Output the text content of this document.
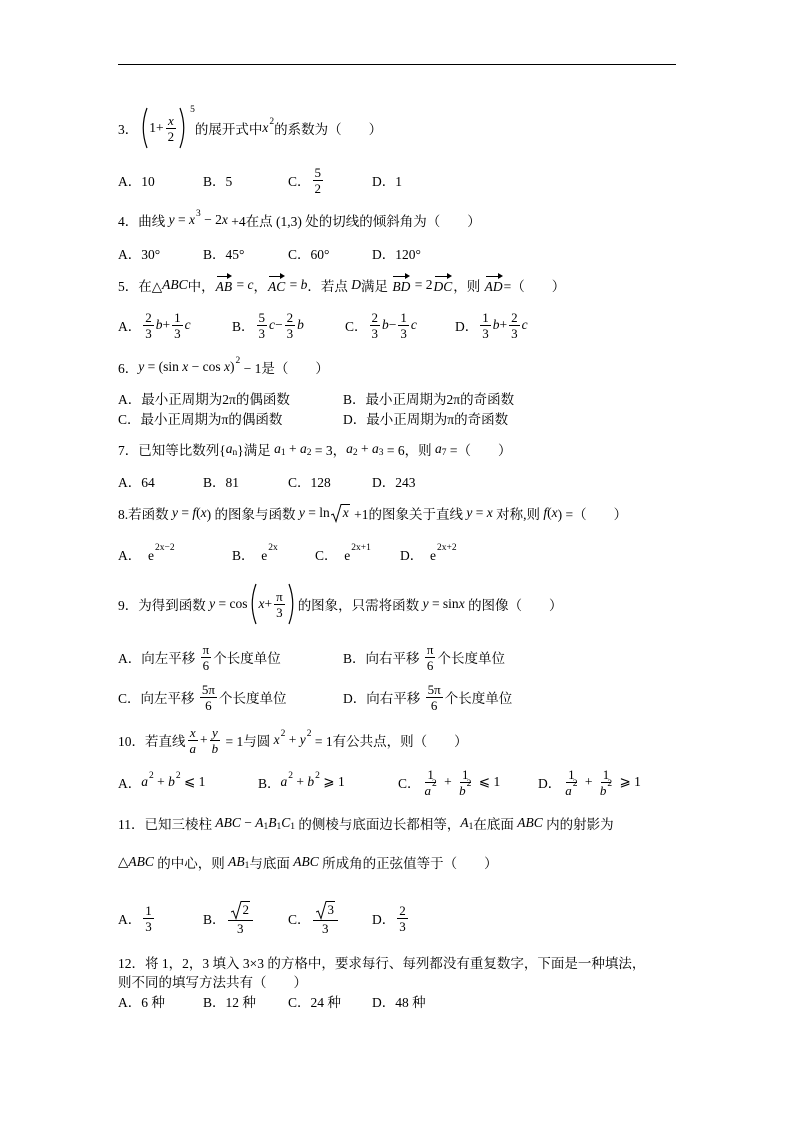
3． $1+ \frac{x}{2}$
5
的展开式中 x 2 的系数为（　　）
A．10	B．5	C． $\frac{5}{2}$	D．1
4．曲线 y = x 3 − 2 x +4在点 (1,3) 处的切线的倾斜角为（　　）
A．30°	B．45°	C．60°	D．120°
5．在△ ABC 中， AB = c ， AC = b ．若点 D 满足 BD = 2 DC ，则 AD =（　　）
A． $\frac{2}{3}$ $b + \frac{1}{3}$ c	B． $\frac{5}{3}$ $c - \frac{2}{3}$ b	C． $\frac{2}{3}$ $b - \frac{1}{3}$ c	D． $\frac{1}{3}$ $b + \frac{2}{3}$ c
6． y = (sin x − cos x ) 2 − 1是（　　）
A．最小正周期为2π的偶函数	B．最小正周期为2π的奇函数
C．最小正周期为π的偶函数	D．最小正周期为π的奇函数
7．已知等比数列{ a n }满足 a 1 + a 2 = 3， a 2 + a 3 = 6，则 a 7 =（　　）
A．64	B．81	C．128	D．243
8.若函数 y = f ( x ) 的图象与函数 y = ln x +1的图象关于直线 y = x 对称,则 f ( x ) =（　　）
A．  e 2x−2	B．  e 2x	C．  e 2x+1 D．  e 2x+2
9．为得到函数 $y = \cos x + \frac{\pi}{3}$ 的图象，只需将函数 y = sin x 的图像（　　）
A．向左平移 $\frac{\pi}{6}$ 个长度单位	B．向右平移 $\frac{\pi}{6}$ 个长度单位
C．向左平移 $\frac{5\pi}{6}$ 个长度单位	D．向右平移 $\frac{5\pi}{6}$ 个长度单位
10．若直线 $\frac{x}{a} + \frac{y}{b} = 1$与圆 x 2 + y 2 = 1有公共点，则（　　）
A． a 2 + b 2 ⩽ 1	B． a 2 + b 2 ⩾ 1	C． $\frac{1}{a 2} + \frac{1}{b 2}$ ⩽ 1	D． $\frac{1}{a 2} + \frac{1}{b 2}$ ⩾ 1
11．已知三棱柱 ABC − A 1 B 1 C 1 的侧棱与底面边长都相等， A 1 在底面 ABC 内的射影为
△ ABC 的中心，则 AB 1 与底面 ABC 所成角的正弦值等于（　　）
A． $\frac{1}{3}$	B． $\frac{2}{3}$	C． $\frac{3}{3}$	D． $\frac{2}{3}$
12．将 1，2，3 填入 3×3 的方格中，要求每行、每列都没有重复数字，下面是一种填法，
则不同的填写方法共有（　　）
A．6 种	B．12 种 C．24 种 D．48 种
